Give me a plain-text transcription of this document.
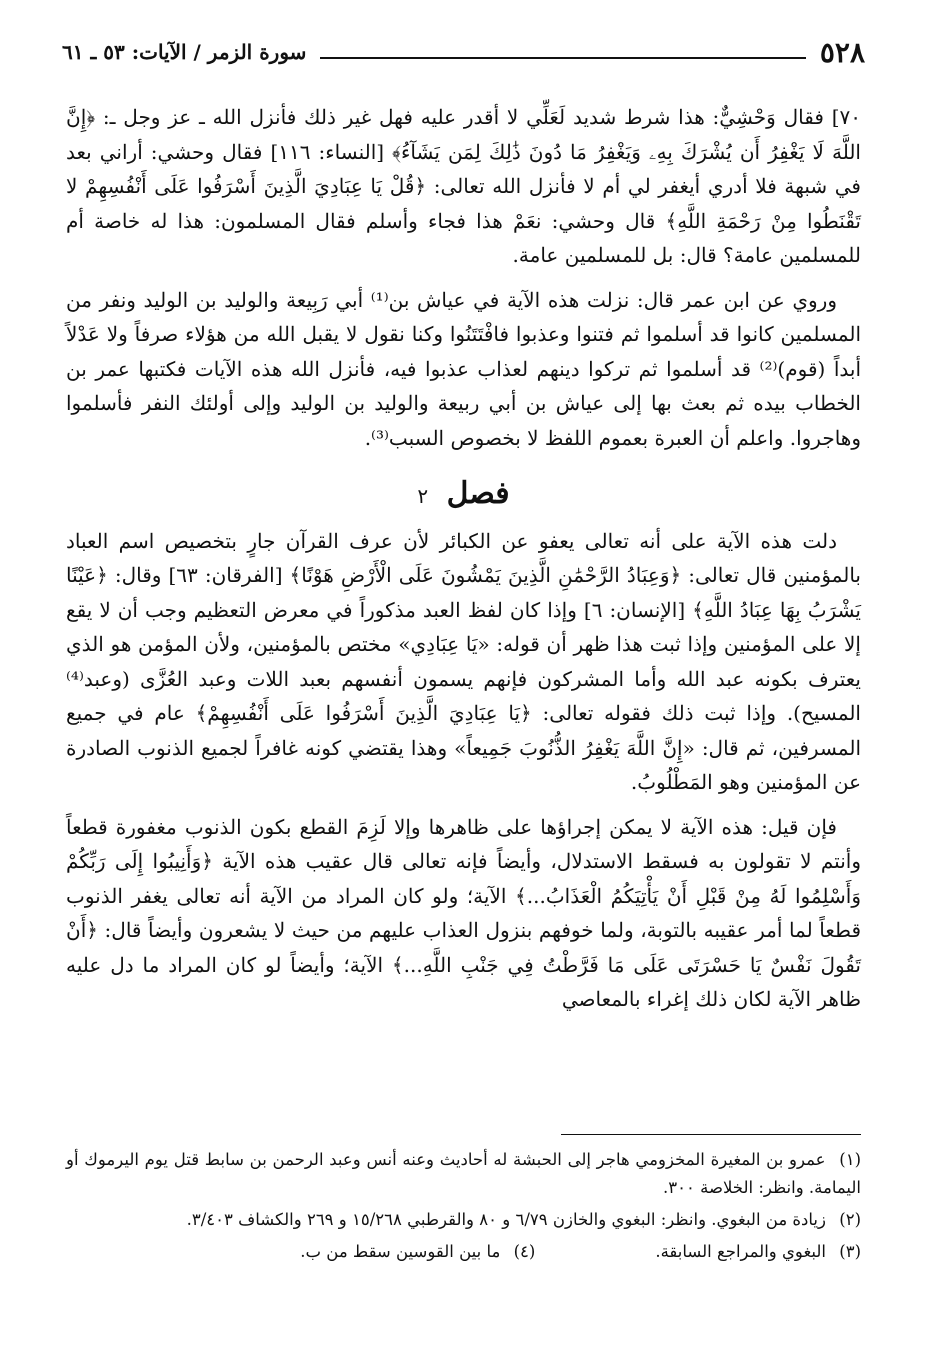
٥٢٨
سورة الزمر / الآيات: ٥٣ ـ ٦١

٧٠] فقال وَحْشِيٌّ: هذا شرط شديد لَعَلِّي لا أقدر عليه فهل غير ذلك فأنزل الله ـ عز وجل ـ: ﴿إِنَّ اللَّهَ لَا يَغْفِرُ أَن يُشْرَكَ بِهِۦ وَيَغْفِرُ مَا دُونَ ذَٰلِكَ لِمَن يَشَآءُ﴾ [النساء: ١١٦] فقال وحشي: أراني بعد في شبهة فلا أدري أيغفر لي أم لا فأنزل الله تعالى: ﴿قُلْ يَا عِبَادِيَ الَّذِينَ أَسْرَفُوا عَلَى أَنْفُسِهِمْ لا تَقْنَطُوا مِنْ رَحْمَةِ اللَّهِ﴾ قال وحشي: نعَمْ هذا فجاء وأسلم فقال المسلمون: هذا له خاصة أم للمسلمين عامة؟ قال: بل للمسلمين عامة.

وروي عن ابن عمر قال: نزلت هذه الآية في عياش بن⁽¹⁾ أبي رَبِيعة والوليد بن الوليد ونفر من المسلمين كانوا قد أسلموا ثم فتنوا وعذبوا فافْتَتَنُوا وكنا نقول لا يقبل الله من هؤلاء صرفاً ولا عَدْلاً أبداً (قوم)⁽²⁾ قد أسلموا ثم تركوا دينهم لعذاب عذبوا فيه، فأنزل الله هذه الآيات فكتبها عمر بن الخطاب بيده ثم بعث بها إلى عياش بن أبي ربيعة والوليد بن الوليد وإلى أولئك النفر فأسلموا وهاجروا. واعلم أن العبرة بعموم اللفظ لا بخصوص السبب⁽³⁾.

فصل ٢

دلت هذه الآية على أنه تعالى يعفو عن الكبائر لأن عرف القرآن جارٍ بتخصيص اسم العباد بالمؤمنين قال تعالى: ﴿وَعِبَادُ الرَّحْمَٰنِ الَّذِينَ يَمْشُونَ عَلَى الْأَرْضِ هَوْنًا﴾ [الفرقان: ٦٣] وقال: ﴿عَيْنًا يَشْرَبُ بِهَا عِبَادُ اللَّهِ﴾ [الإنسان: ٦] وإذا كان لفظ العبد مذكوراً في معرض التعظيم وجب أن لا يقع إلا على المؤمنين وإذا ثبت هذا ظهر أن قوله: «يَا عِبَادِي» مختص بالمؤمنين، ولأن المؤمن هو الذي يعترف بكونه عبد الله وأما المشركون فإنهم يسمون أنفسهم بعبد اللات وعبد العُزَّى (وعبد⁽⁴⁾ المسيح). وإذا ثبت ذلك فقوله تعالى: ﴿يَا عِبَادِيَ الَّذِينَ أَسْرَفُوا عَلَى أَنْفُسِهِمْ﴾ عام في جميع المسرفين، ثم قال: «إِنَّ اللَّهَ يَغْفِرُ الذُّنُوبَ جَمِيعاً» وهذا يقتضي كونه غافراً لجميع الذنوب الصادرة عن المؤمنين وهو المَطْلُوبُ.

فإن قيل: هذه الآية لا يمكن إجراؤها على ظاهرها وإلا لَزِمَ القطع بكون الذنوب مغفورة قطعاً وأنتم لا تقولون به فسقط الاستدلال، وأيضاً فإنه تعالى قال عقيب هذه الآية ﴿وَأَنِيبُوا إِلَى رَبِّكُمْ وَأَسْلِمُوا لَهُ مِنْ قَبْلِ أَنْ يَأْتِيَكُمُ الْعَذَابُ...﴾ الآية؛ ولو كان المراد من الآية أنه تعالى يغفر الذنوب قطعاً لما أمر عقيبه بالتوبة، ولما خوفهم بنزول العذاب عليهم من حيث لا يشعرون وأيضاً قال: ﴿أَنْ تَقُولَ نَفْسٌ يَا حَسْرَتَى عَلَى مَا فَرَّطْتُ فِي جَنْبِ اللَّهِ...﴾ الآية؛ وأيضاً لو كان المراد ما دل عليه ظاهر الآية لكان ذلك إغراء بالمعاصي

(١) عمرو بن المغيرة المخزومي هاجر إلى الحبشة له أحاديث وعنه أنس وعبد الرحمن بن سابط قتل يوم اليرموك أو اليمامة. وانظر: الخلاصة ٣٠٠.
(٢) زيادة من البغوي. وانظر: البغوي والخازن ٦/٧٩ و ٨٠ والقرطبي ١٥/٢٦٨ و ٢٦٩ والكشاف ٣/٤٠٣.
(٣) البغوي والمراجع السابقة.
(٤) ما بين القوسين سقط من ب.
